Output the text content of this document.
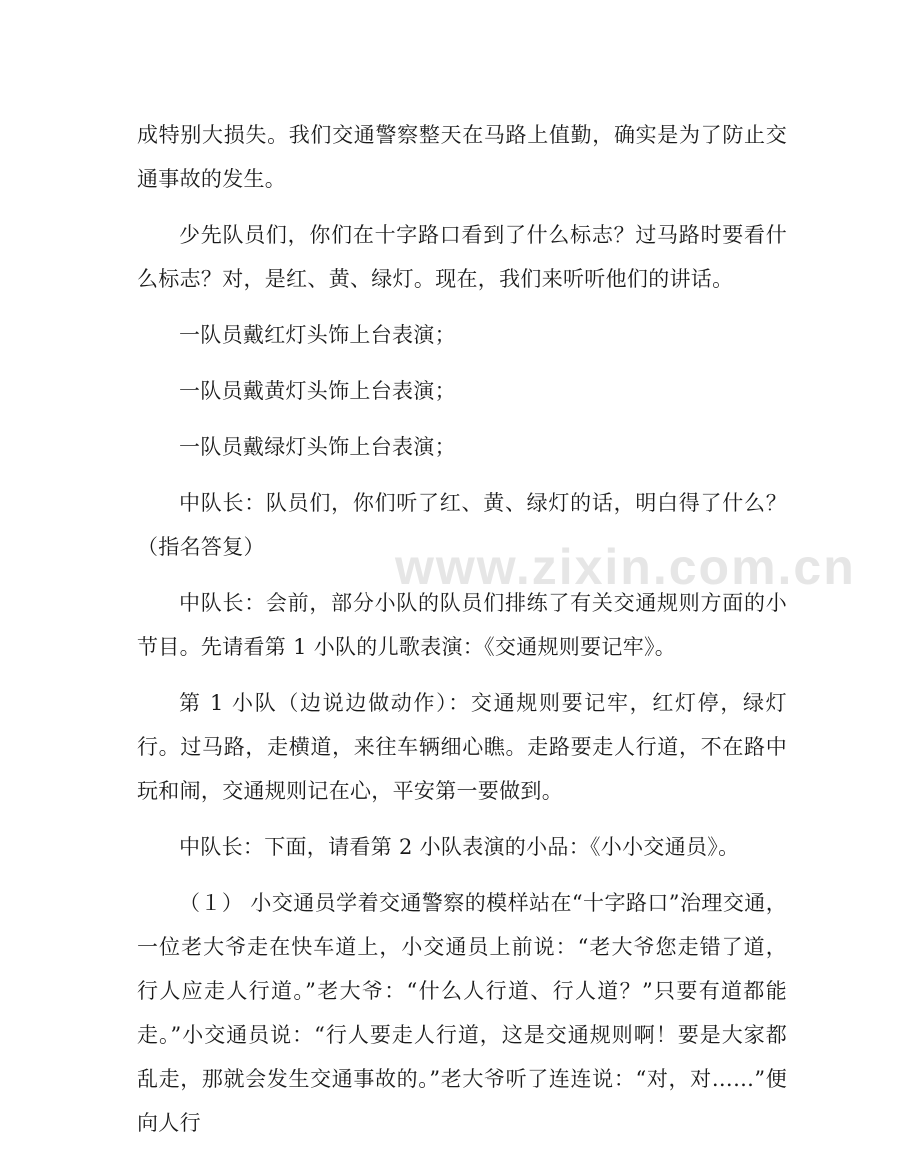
www.zixin.com.cn

成特别大损失。我们交通警察整天在马路上值勤，确实是为了防止交通事故的发生。

少先队员们，你们在十字路口看到了什么标志？过马路时要看什么标志？对，是红、黄、绿灯。现在，我们来听听他们的讲话。

一队员戴红灯头饰上台表演；

一队员戴黄灯头饰上台表演；

一队员戴绿灯头饰上台表演；

中队长：队员们，你们听了红、黄、绿灯的话，明白得了什么？（指名答复）

中队长：会前，部分小队的队员们排练了有关交通规则方面的小节目。先请看第 1 小队的儿歌表演：《交通规则要记牢》。

第 1 小队（边说边做动作）：交通规则要记牢，红灯停，绿灯行。过马路，走横道，来往车辆细心瞧。走路要走人行道，不在路中玩和闹，交通规则记在心，平安第一要做到。

中队长：下面，请看第 2 小队表演的小品：《小小交通员》。

（１） 小交通员学着交通警察的模样站在“十字路口”治理交通，一位老大爷走在快车道上，小交通员上前说：“老大爷您走错了道，行人应走人行道。”老大爷：“什么人行道、行人道？”只要有道都能走。”小交通员说：“行人要走人行道，这是交通规则啊！要是大家都乱走，那就会发生交通事故的。”老大爷听了连连说：“对，对……”便向人行
